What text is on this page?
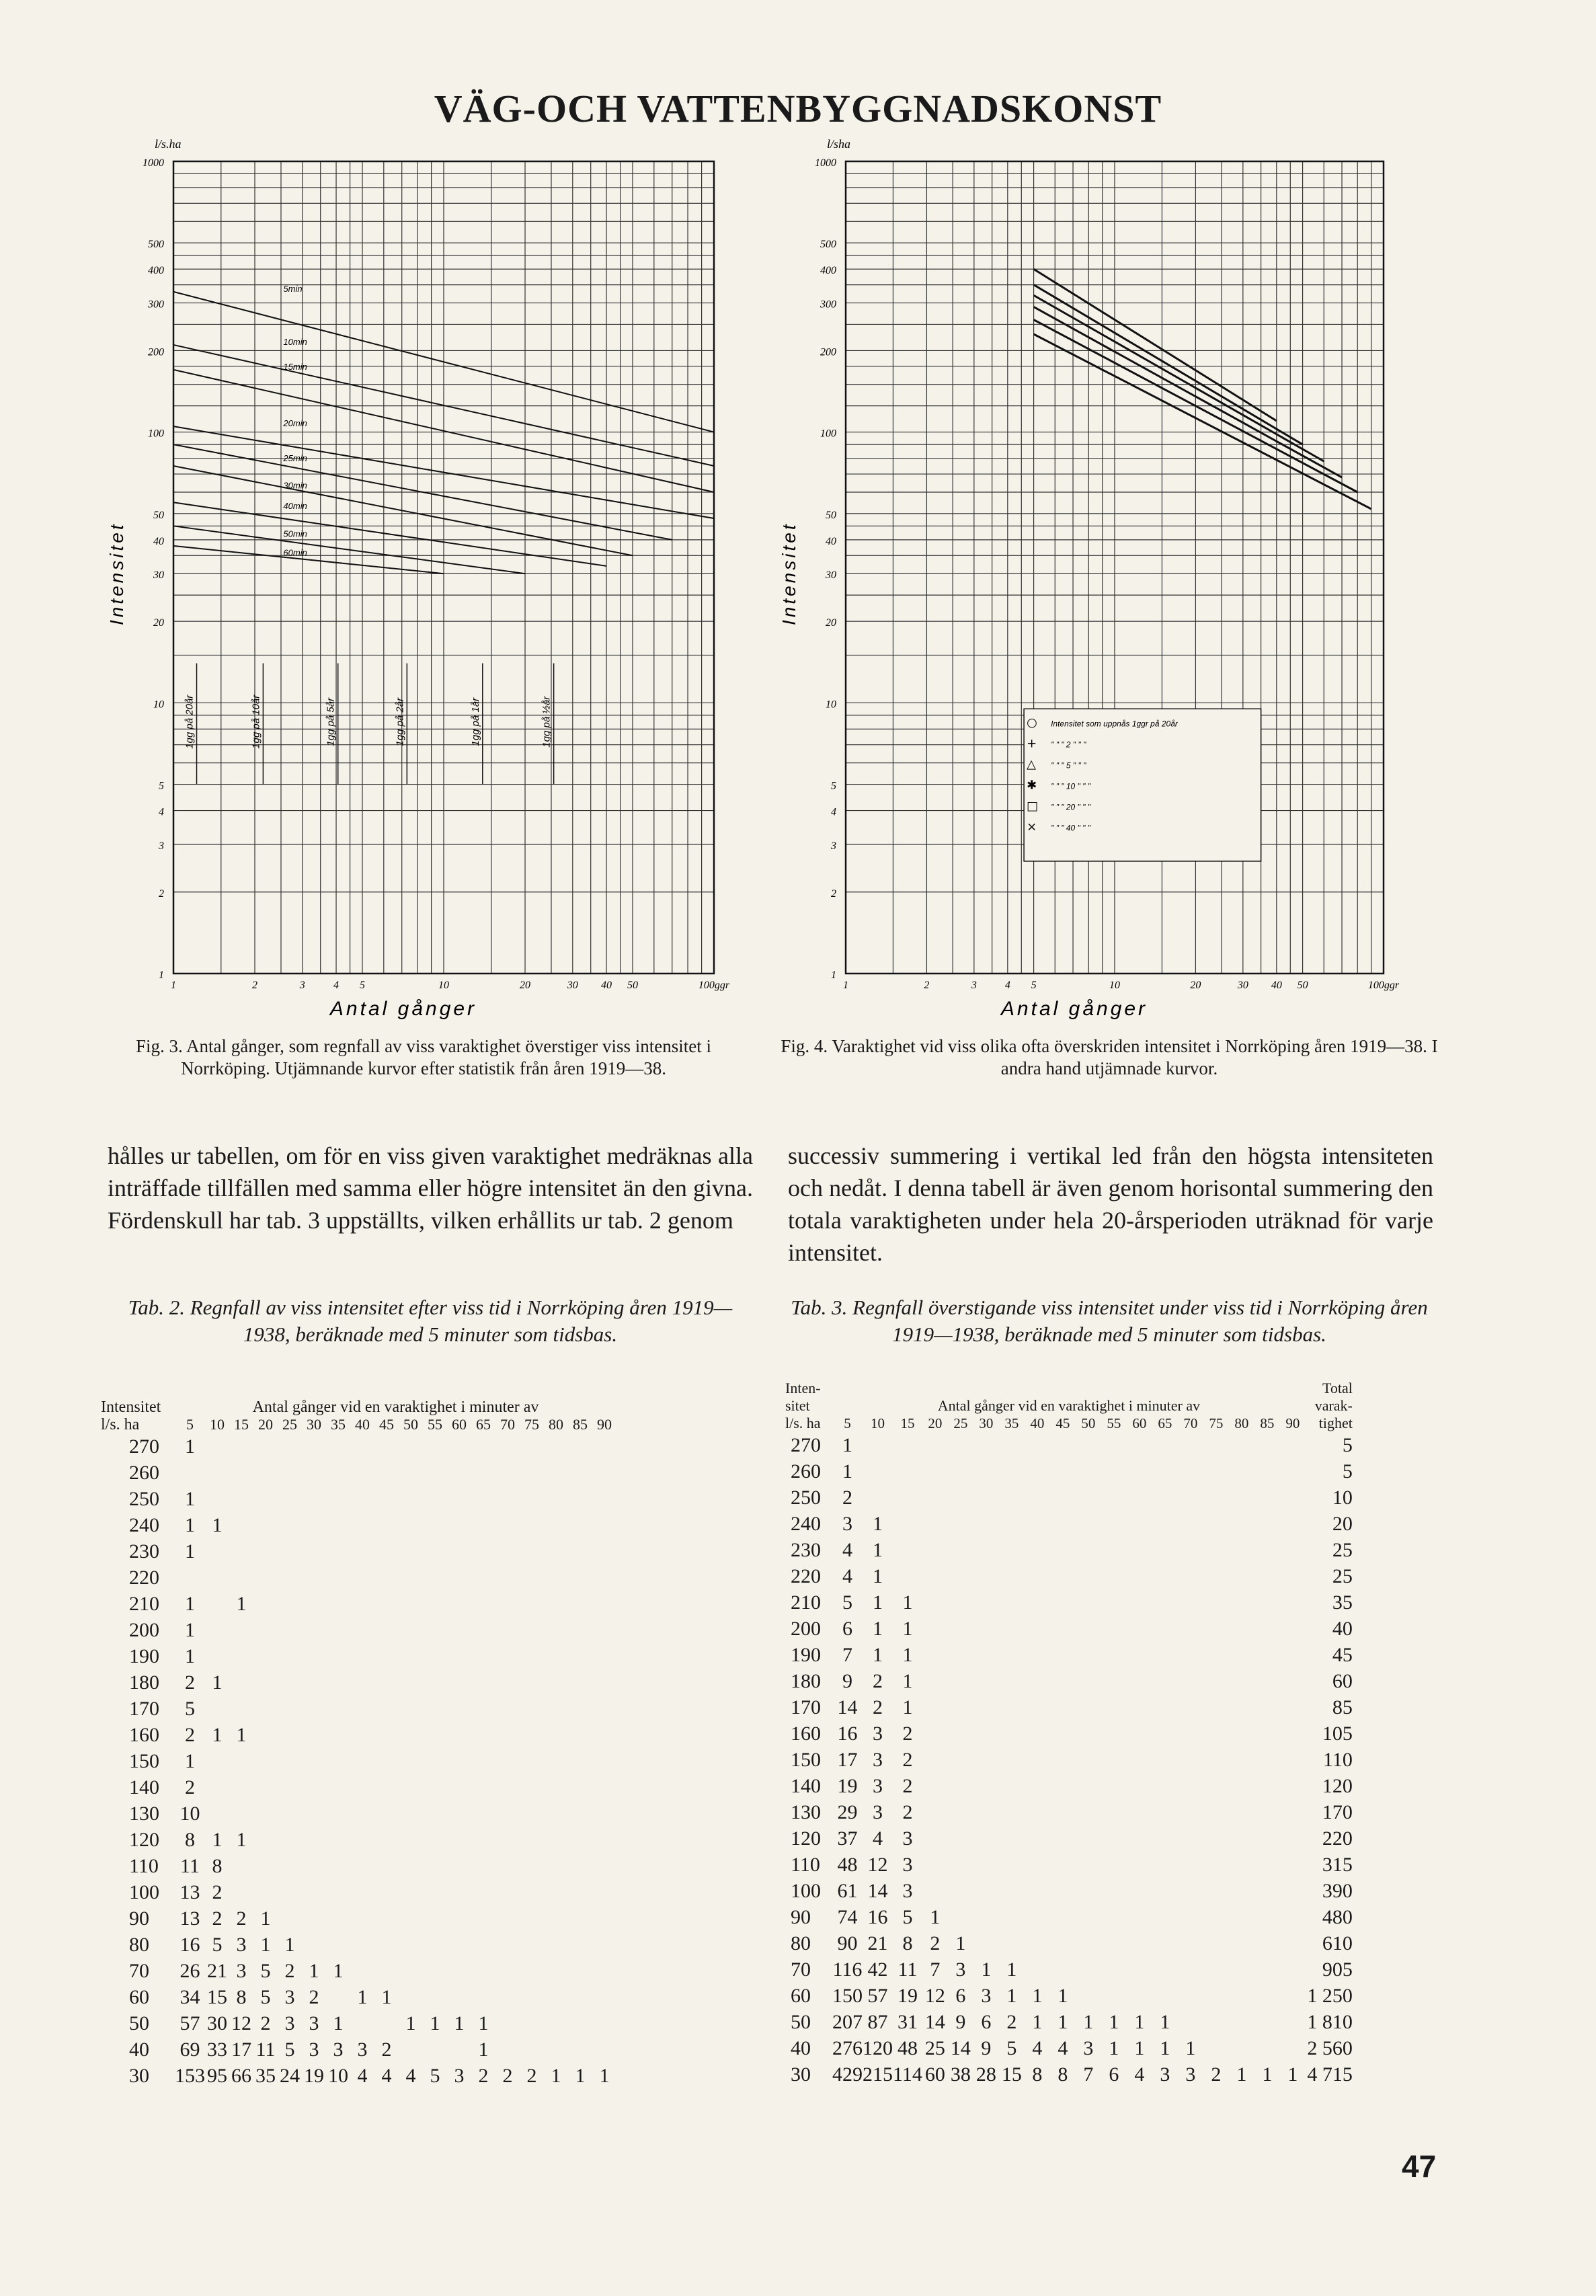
VÄG-OCH VATTENBYGGNADSKONST
1
2
3
4
5
10
20
30
40
50
100
200
300
400
500
1000
1	2	3	4 5	10	20	30 40 50	100ggr
l/s.ha
Intensitet
Antal gånger
5min
10min
15min
20min
25min
30min
40min
50min
60min
1gg på 20år	1gg på 10år	1gg på 5år	1gg på 2år	1gg på 1år	1gg på ½år
Fig. 3. Antal gånger, som regnfall av viss varaktighet överstiger viss intensitet i Norrköping. Utjämnande kurvor efter statistik från åren 1919—38.
1
2
3
4
5
10
20
30
40
50
100
200
300
400
500
1000
1	2	3	4 5	10	20	30 40 50	100ggr
l/sha
Intensitet
Antal gånger
○ Intensitet som uppnås 1ggr på 20år
+ " " " 2 " " "
△ " " " 5 " " "
✱ " " " 10 " " "
□ " " " 20 " " "
× " " " 40 " " "
Fig. 4. Varaktighet vid viss olika ofta överskriden intensitet i Norrköping åren 1919—38. I andra hand utjämnade kurvor.
hålles ur tabellen, om för en viss given varaktighet medräknas alla inträffade tillfällen med samma eller högre intensitet än den givna. Fördenskull har tab. 3 uppställts, vilken erhållits ur tab. 2 genom
successiv summering i vertikal led från den högsta intensiteten och nedåt. I denna tabell är även genom horisontal summering den totala varaktigheten under hela 20-årsperioden uträknad för varje intensitet.
Tab. 2. Regnfall av viss intensitet efter viss tid i Norrköping åren 1919—1938, beräknade med 5 minuter som tidsbas.
Intensitet	Antal gånger vid en varaktighet i minuter av																	
l/s. ha	5	10	15	20	25	30	35	40	45	50	55	60	65	70	75	80	85	90
270	1																	
260																		
250	1																	
240	1	1																
230	1																	
220																		
210	1		1															
200	1																	
190	1																	
180	2	1																
170	5																	
160	2	1	1															
150	1																	
140	2																	
130	10																	
120	8	1	1															
110	11	8																
100	13	2																
90	13	2	2	1														
80	16	5	3	1	1													
70	26	21	3	5	2	1	1											
60	34	15	8	5	3	2		1	1									
50	57	30	12	2	3	3	1			1	1	1	1					
40	69	33	17	11	5	3	3	3	2				1					
30	153	95	66	35	24	19	10	4	4	4	5	3	2	2	2	1	1	1
Tab. 3. Regnfall överstigande viss intensitet under viss tid i Norrköping åren 1919—1938, beräknade med 5 minuter som tidsbas.
Inten-sitet	Antal gånger vid en varaktighet i minuter av																		Total varak-tighet
l/s. ha	5	10	15	20	25	30	35	40	45	50	55	60	65	70	75	80	85	90	
270	1																		5
260	1																		5
250	2																		10
240	3	1																	20
230	4	1																	25
220	4	1																	25
210	5	1	1																35
200	6	1	1																40
190	7	1	1																45
180	9	2	1																60
170	14	2	1																85
160	16	3	2																105
150	17	3	2																110
140	19	3	2																120
130	29	3	2																170
120	37	4	3																220
110	48	12	3																315
100	61	14	3																390
90	74	16	5	1															480
80	90	21	8	2	1														610
70	116	42	11	7	3	1	1												905
60	150	57	19	12	6	3	1	1	1										1 250
50	207	87	31	14	9	6	2	1	1	1	1	1	1						1 810
40	276	120	48	25	14	9	5	4	4	3	1	1	1	1					2 560
30	429	215	114	60	38	28	15	8	8	7	6	4	3	3	2	1	1	1	4 715
47
